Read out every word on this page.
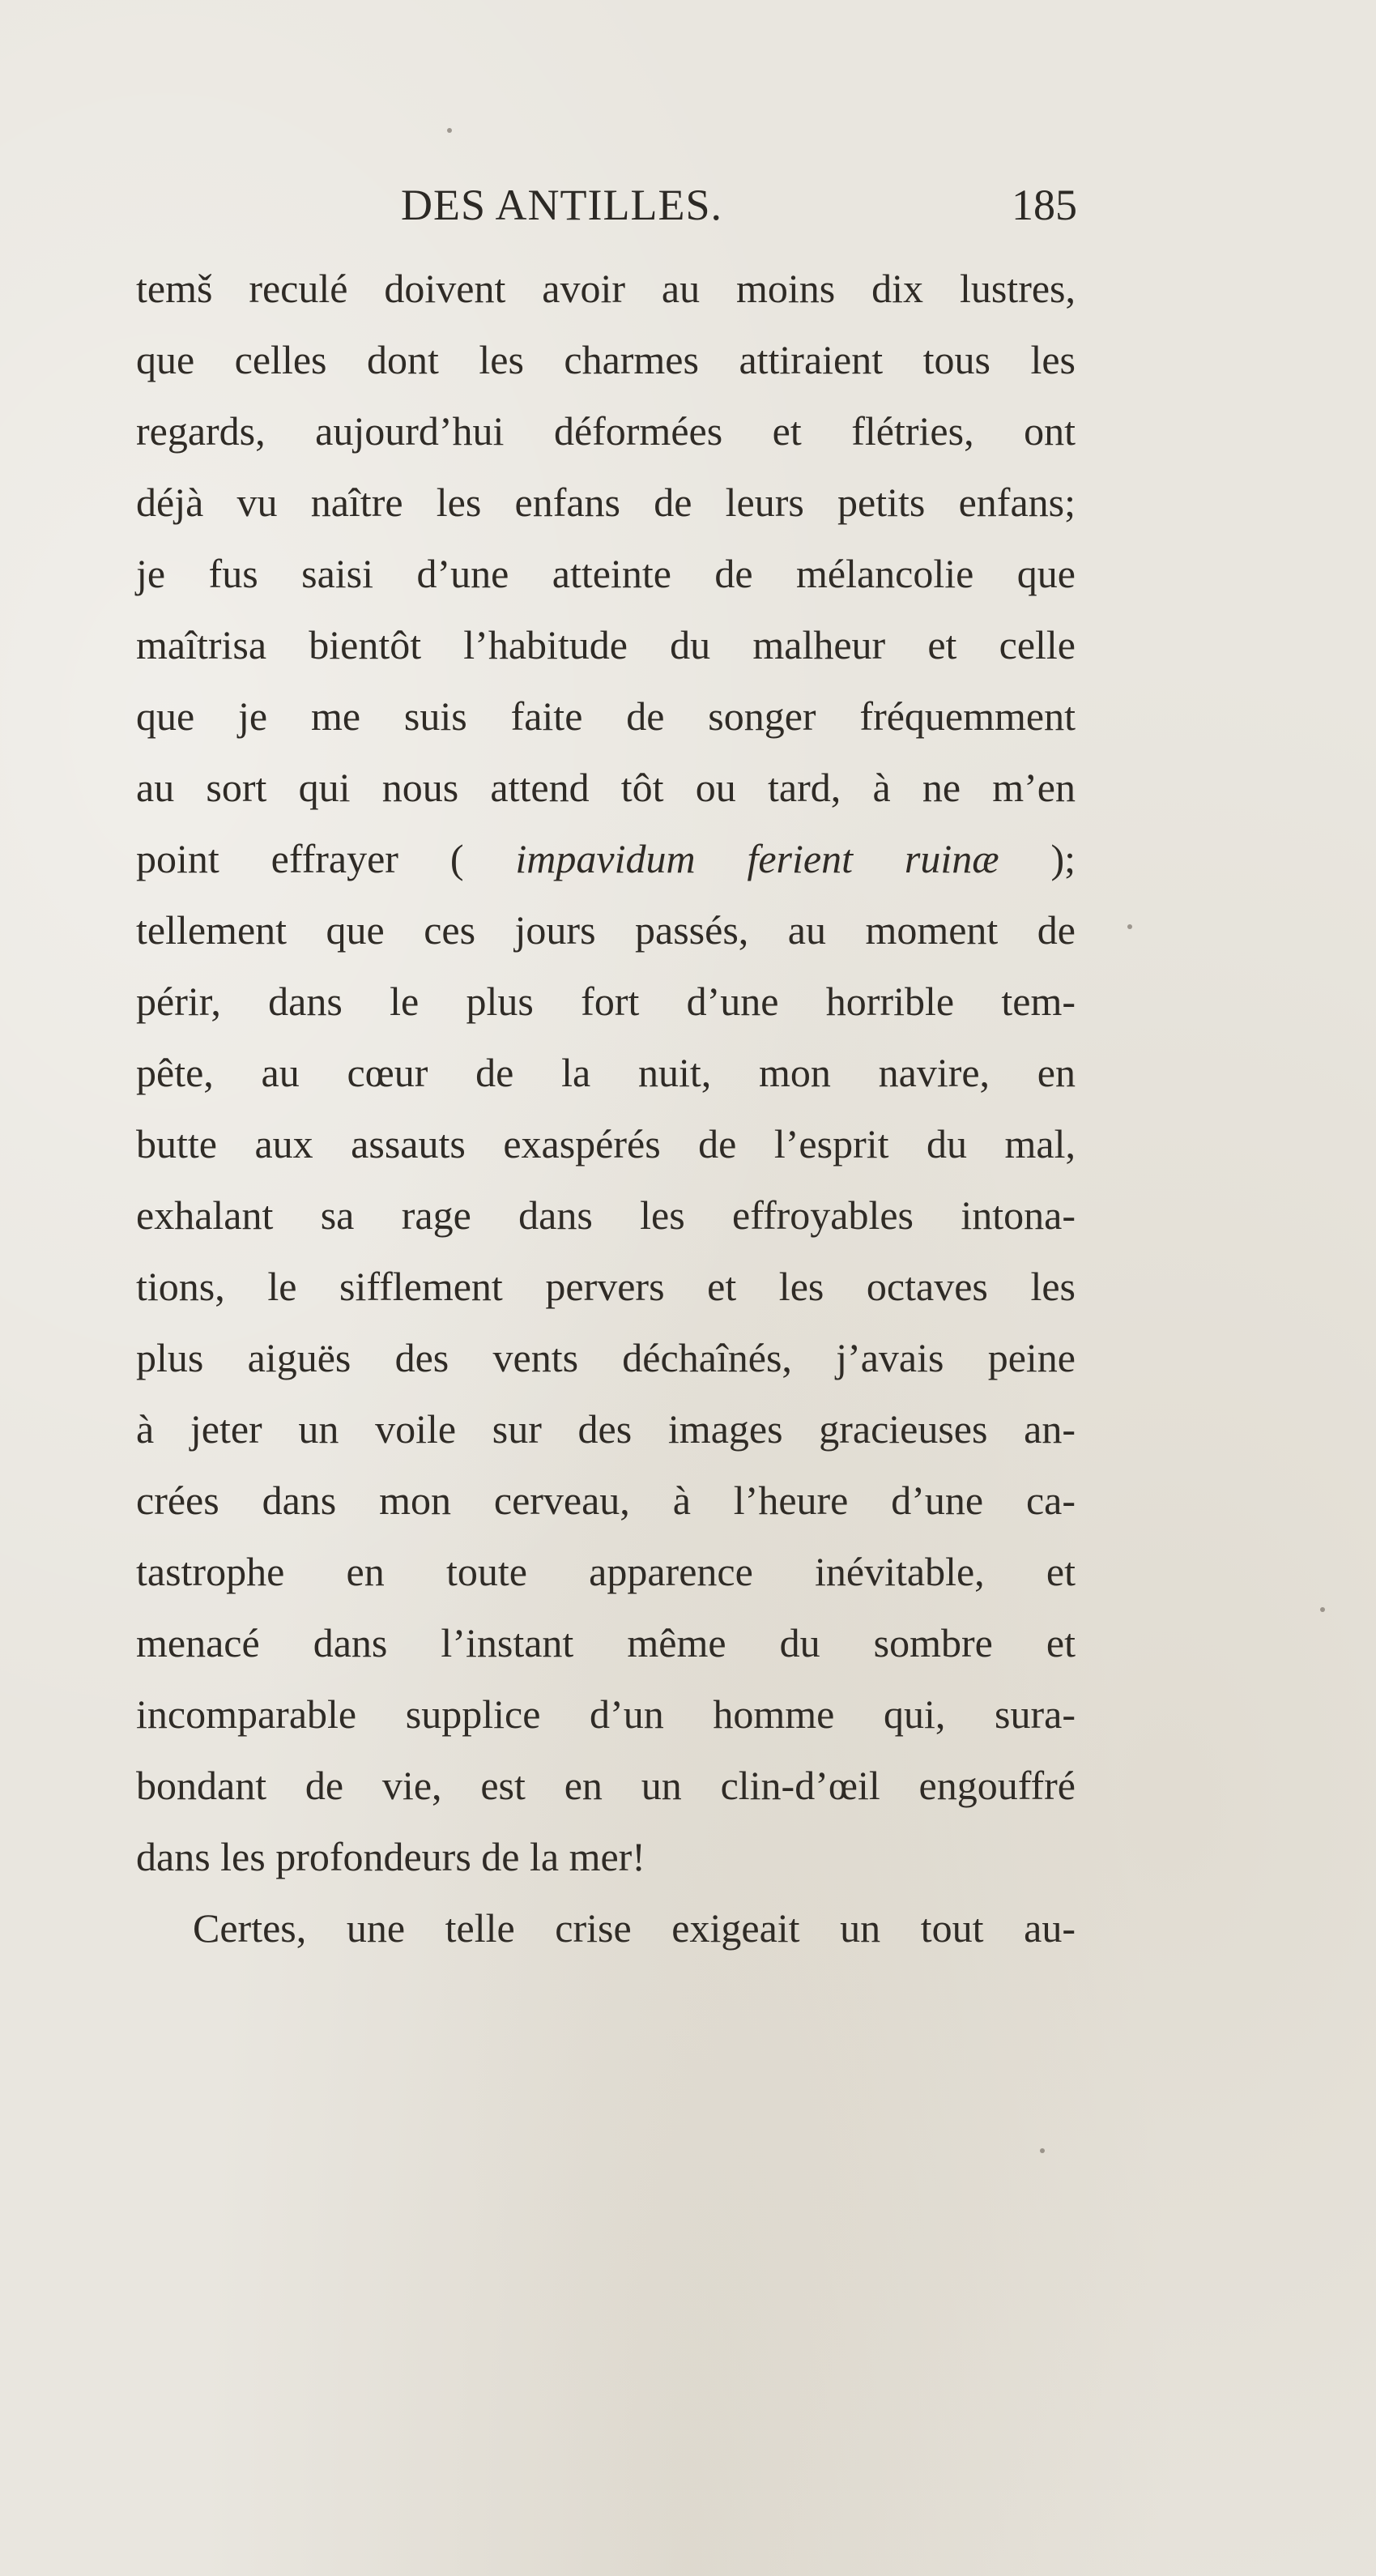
DES ANTILLES.	185
temš reculé doivent avoir au moins dix lustres,
que celles dont les charmes attiraient tous les
regards, aujourd’hui déformées et flétries, ont
déjà vu naître les enfans de leurs petits enfans;
je fus saisi d’une atteinte de mélancolie que
maîtrisa bientôt l’habitude du malheur et celle
que je me suis faite de songer fréquemment
au sort qui nous attend tôt ou tard, à ne m’en
point effrayer ( impavidum ferient ruinæ );
tellement que ces jours passés, au moment de
périr, dans le plus fort d’une horrible tem-
pête, au cœur de la nuit, mon navire, en
butte aux assauts exaspérés de l’esprit du mal,
exhalant sa rage dans les effroyables intona-
tions, le sifflement pervers et les octaves les
plus aiguës des vents déchaînés, j’avais peine
à jeter un voile sur des images gracieuses an-
crées dans mon cerveau, à l’heure d’une ca-
tastrophe en toute apparence inévitable, et
menacé dans l’instant même du sombre et
incomparable supplice d’un homme qui, sura-
bondant de vie, est en un clin-d’œil engouffré
dans les profondeurs de la mer!
Certes, une telle crise exigeait un tout au-
